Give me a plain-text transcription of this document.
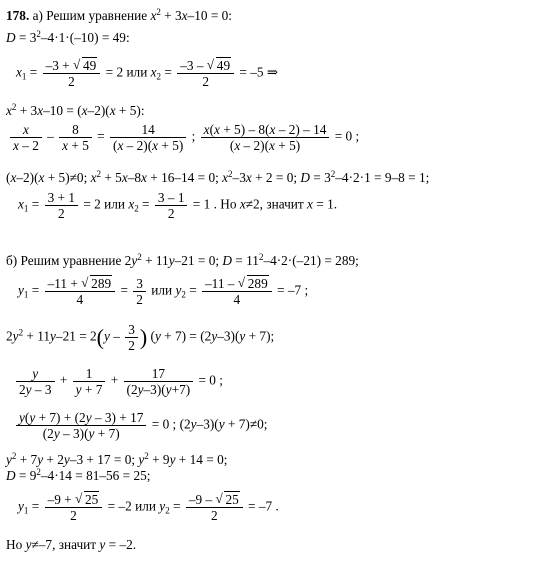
178. а) Решим уравнение $x^2 + 3x-10 = 0$:
$D = 3^2-4\cdot 1\cdot(-10) = 49$:
$x_1 = \frac{-3 + √ 49}{2} = 2$ или $x_2 = \frac{-3 - √ 49}{2} = -5$ ⇒
$x^2 + 3x-10 = (x-2)(x + 5)$:
$\frac{x}{x - 2} - \frac{8}{x + 5} = \frac{14}{(x - 2)(x + 5)}$ ; $\frac{x(x + 5) - 8(x - 2) - 14}{(x - 2)(x + 5)} = 0$ ;
(x–2)(x + 5)≠0; $x^2 + 5x-8x + 16-14 = 0$; $x^2-3x + 2 = 0$; $D = 3^2-4\cdot 2\cdot 1 = 9-8 = 1$;
$x_1 = \frac{3 + 1}{2} = 2$ или $x_2 = \frac{3 - 1}{2} = 1$ . Но x≠2, значит x = 1.
б) Решим уравнение $2y^2 + 11y-21 = 0$; $D = 11^2-4\cdot 2\cdot(-21) = 289$;
$y_1 = \frac{-11 + √ 289}{4} = \frac{3}{2}$ или $y_2 = \frac{-11 - √ 289}{4} = -7$ ;
$2y^2 + 11y-21 = 2(y - \frac{3}{2}$ ) (y + 7) = (2y–3)(y + 7);
$\frac{y}{2y - 3} + \frac{1}{y + 7} + \frac{17}{(2y-3)(y+7)} = 0$ ;
$\frac{y(y + 7) + (2y - 3) + 17}{(2y - 3)(y + 7)} = 0$ ; (2y–3)(y + 7)≠0;
$y^2 + 7y + 2y-3 + 17 = 0$; $y^2 + 9y + 14 = 0$;
$D = 9^2-4\cdot 14 = 81-56 = 25$;
$y_1 = \frac{-9 + √ 25}{2} = -2$ или $y_2 = \frac{-9 - √ 25}{2} = -7$ .
Но y≠–7, значит y = –2.
